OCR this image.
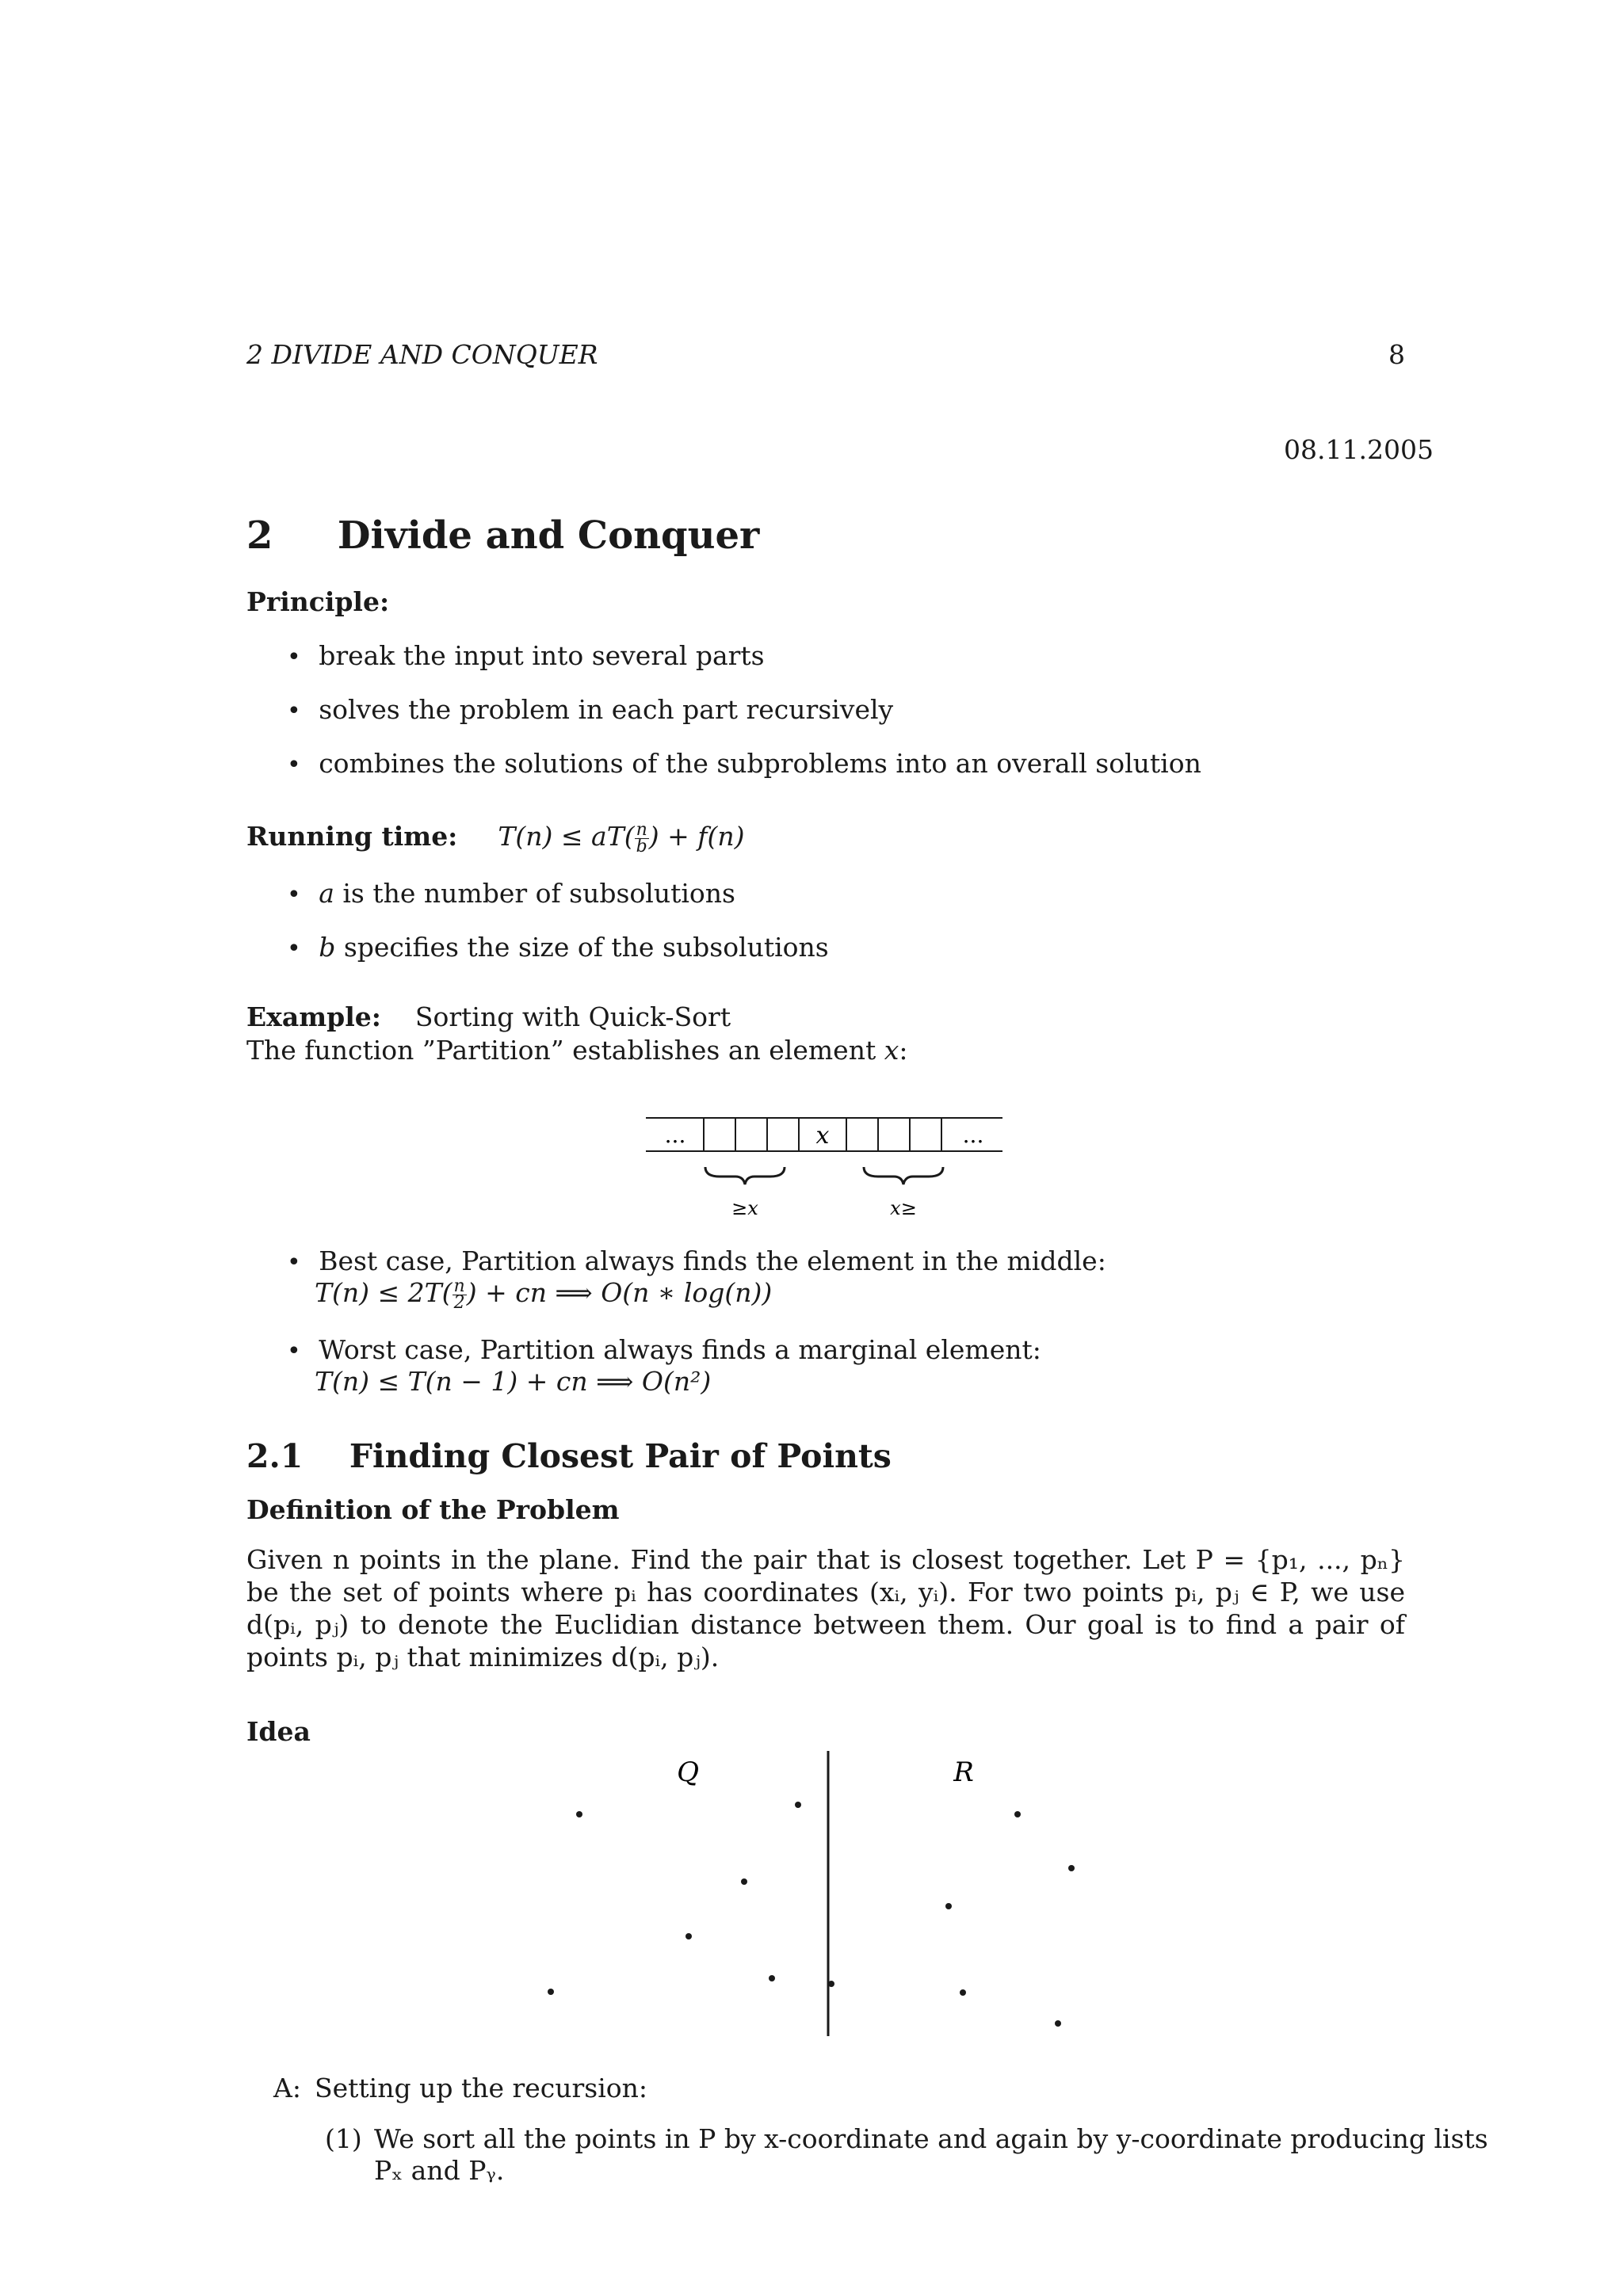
2 DIVIDE AND CONQUER	8
08.11.2005
2 Divide and Conquer
Principle:
• break the input into several parts
• solves the problem in each part recursively
• combines the solutions of the subproblems into an overall solution
Running time: $T(n) \le aT( \frac{n}{b}$ ) + f(n)
• a is the number of subsolutions
• b specifies the size of the subsolutions
Example: Sorting with Quick-Sort
The function ”Partition” establishes an element x:
...	x	...
≥x	x≥
• Best case, Partition always finds the element in the middle:
$T(n) \le 2T( \frac{n}{2}$ ) + cn ⟹ O(n ∗ log(n))
• Worst case, Partition always finds a marginal element:
T(n) ≤ T(n − 1) + cn ⟹ O(n²)
2.1 Finding Closest Pair of Points
Definition of the Problem
Given n points in the plane. Find the pair that is closest together. Let P = {p₁, ..., pₙ} be the set of points where pᵢ has coordinates (xᵢ, yᵢ). For two points pᵢ, pⱼ ∈ P, we use d(pᵢ, pⱼ) to denote the Euclidian distance between them. Our goal is to find a pair of points pᵢ, pⱼ that minimizes d(pᵢ, pⱼ).
Idea
Q	R
A: Setting up the recursion:
(1) We sort all the points in P by x-coordinate and again by y-coordinate producing lists
Pₓ and Pᵧ.
